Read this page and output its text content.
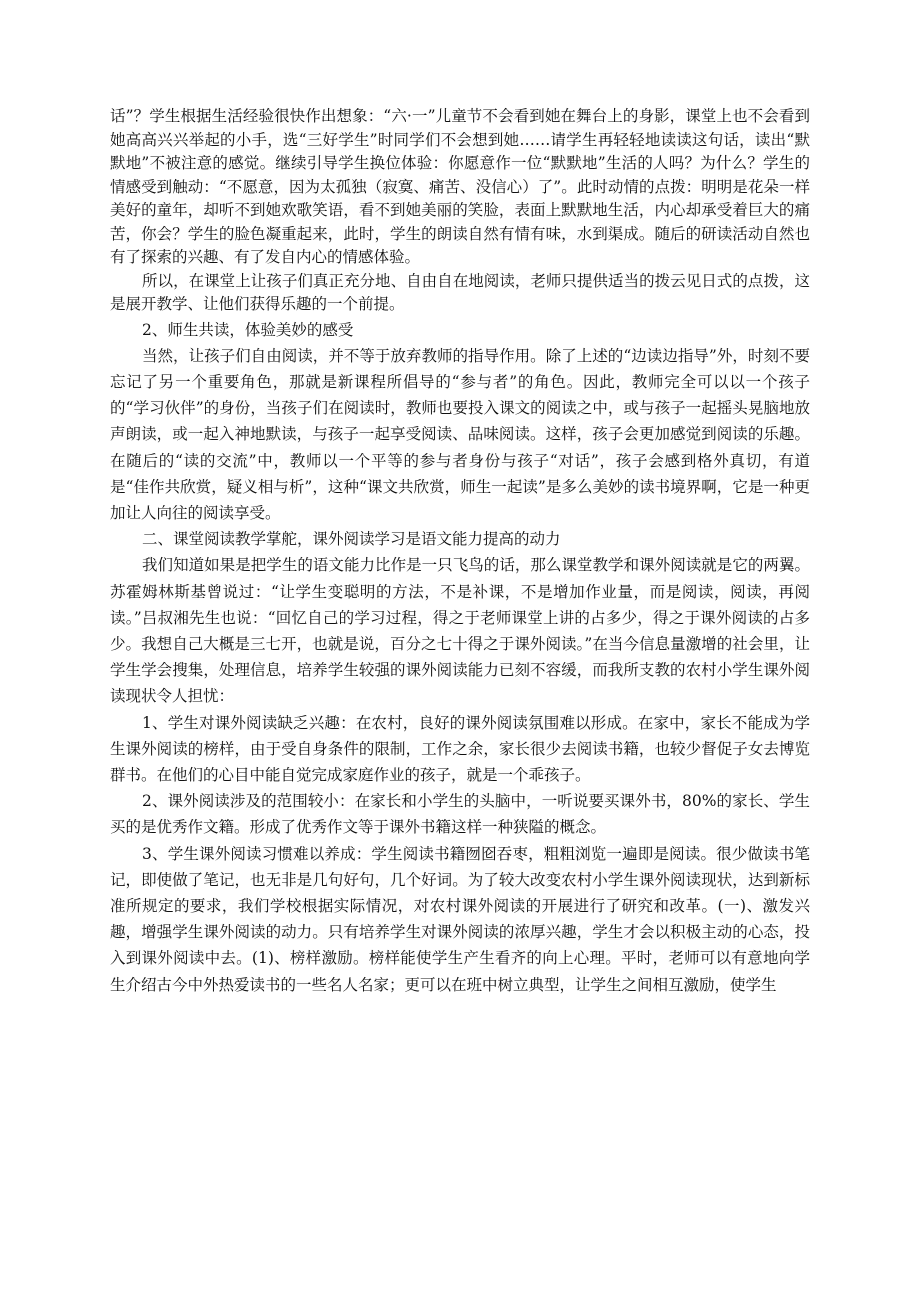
话”？学生根据生活经验很快作出想象：“六·一”儿童节不会看到她在舞台上的身影，课堂上也不会看到她高高兴兴举起的小手，选“三好学生”时同学们不会想到她……请学生再轻轻地读读这句话，读出“默默地”不被注意的感觉。继续引导学生换位体验：你愿意作一位“默默地”生活的人吗？为什么？学生的情感受到触动：“不愿意，因为太孤独（寂寞、痛苦、没信心）了”。此时动情的点拨：明明是花朵一样美好的童年，却听不到她欢歌笑语，看不到她美丽的笑脸，表面上默默地生活，内心却承受着巨大的痛苦，你会？学生的脸色凝重起来，此时，学生的朗读自然有情有味，水到渠成。随后的研读活动自然也有了探索的兴趣、有了发自内心的情感体验。

所以，在课堂上让孩子们真正充分地、自由自在地阅读，老师只提供适当的拨云见日式的点拨，这是展开教学、让他们获得乐趣的一个前提。

2、师生共读，体验美妙的感受

当然，让孩子们自由阅读，并不等于放弃教师的指导作用。除了上述的“边读边指导”外，时刻不要忘记了另一个重要角色，那就是新课程所倡导的“参与者”的角色。因此，教师完全可以以一个孩子的“学习伙伴”的身份，当孩子们在阅读时，教师也要投入课文的阅读之中，或与孩子一起摇头晃脑地放声朗读，或一起入神地默读，与孩子一起享受阅读、品味阅读。这样，孩子会更加感觉到阅读的乐趣。在随后的“读的交流”中，教师以一个平等的参与者身份与孩子“对话”，孩子会感到格外真切，有道是“佳作共欣赏，疑义相与析”，这种“课文共欣赏，师生一起读”是多么美妙的读书境界啊，它是一种更加让人向往的阅读享受。

二、课堂阅读教学掌舵，课外阅读学习是语文能力提高的动力

我们知道如果是把学生的语文能力比作是一只飞鸟的话，那么课堂教学和课外阅读就是它的两翼。苏霍姆林斯基曾说过：“让学生变聪明的方法，不是补课，不是增加作业量，而是阅读，阅读，再阅读。”吕叔湘先生也说：“回忆自己的学习过程，得之于老师课堂上讲的占多少，得之于课外阅读的占多少。我想自己大概是三七开，也就是说，百分之七十得之于课外阅读。”在当今信息量激增的社会里，让学生学会搜集，处理信息，培养学生较强的课外阅读能力已刻不容缓，而我所支教的农村小学生课外阅读现状令人担忧：

1、学生对课外阅读缺乏兴趣：在农村，良好的课外阅读氛围难以形成。在家中，家长不能成为学生课外阅读的榜样，由于受自身条件的限制，工作之余，家长很少去阅读书籍，也较少督促子女去博览群书。在他们的心目中能自觉完成家庭作业的孩子，就是一个乖孩子。

2、课外阅读涉及的范围较小：在家长和小学生的头脑中，一听说要买课外书，80%的家长、学生买的是优秀作文籍。形成了优秀作文等于课外书籍这样一种狭隘的概念。

3、学生课外阅读习惯难以养成：学生阅读书籍囫囵吞枣，粗粗浏览一遍即是阅读。很少做读书笔记，即使做了笔记，也无非是几句好句，几个好词。为了较大改变农村小学生课外阅读现状，达到新标准所规定的要求，我们学校根据实际情况，对农村课外阅读的开展进行了研究和改革。(一)、激发兴趣，增强学生课外阅读的动力。只有培养学生对课外阅读的浓厚兴趣，学生才会以积极主动的心态，投入到课外阅读中去。(1)、榜样激励。榜样能使学生产生看齐的向上心理。平时，老师可以有意地向学生介绍古今中外热爱读书的一些名人名家；更可以在班中树立典型，让学生之间相互激励，使学生
